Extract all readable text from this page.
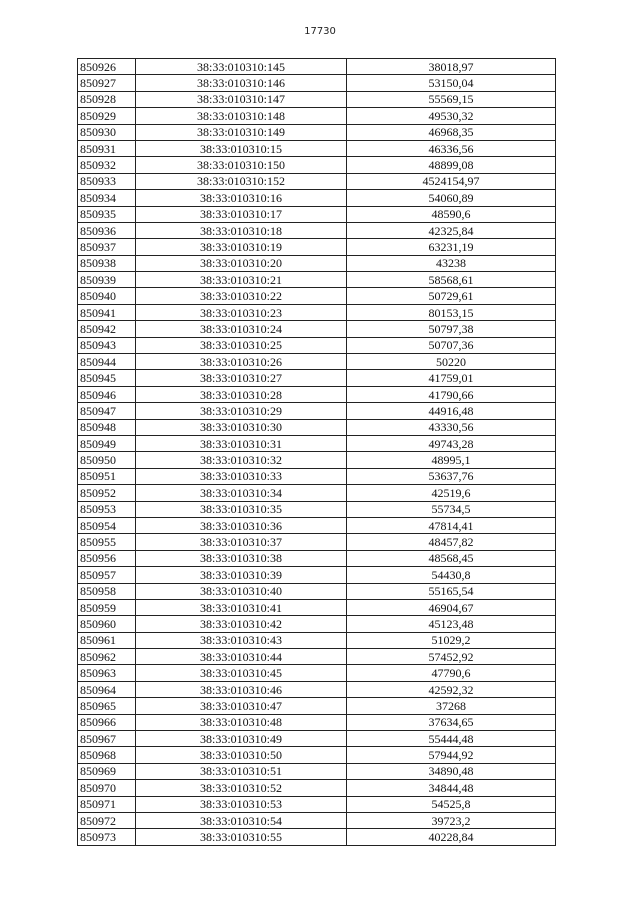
17730
850926	38:33:010310:145	38018,97
850927	38:33:010310:146	53150,04
850928	38:33:010310:147	55569,15
850929	38:33:010310:148	49530,32
850930	38:33:010310:149	46968,35
850931	38:33:010310:15	46336,56
850932	38:33:010310:150	48899,08
850933	38:33:010310:152	4524154,97
850934	38:33:010310:16	54060,89
850935	38:33:010310:17	48590,6
850936	38:33:010310:18	42325,84
850937	38:33:010310:19	63231,19
850938	38:33:010310:20	43238
850939	38:33:010310:21	58568,61
850940	38:33:010310:22	50729,61
850941	38:33:010310:23	80153,15
850942	38:33:010310:24	50797,38
850943	38:33:010310:25	50707,36
850944	38:33:010310:26	50220
850945	38:33:010310:27	41759,01
850946	38:33:010310:28	41790,66
850947	38:33:010310:29	44916,48
850948	38:33:010310:30	43330,56
850949	38:33:010310:31	49743,28
850950	38:33:010310:32	48995,1
850951	38:33:010310:33	53637,76
850952	38:33:010310:34	42519,6
850953	38:33:010310:35	55734,5
850954	38:33:010310:36	47814,41
850955	38:33:010310:37	48457,82
850956	38:33:010310:38	48568,45
850957	38:33:010310:39	54430,8
850958	38:33:010310:40	55165,54
850959	38:33:010310:41	46904,67
850960	38:33:010310:42	45123,48
850961	38:33:010310:43	51029,2
850962	38:33:010310:44	57452,92
850963	38:33:010310:45	47790,6
850964	38:33:010310:46	42592,32
850965	38:33:010310:47	37268
850966	38:33:010310:48	37634,65
850967	38:33:010310:49	55444,48
850968	38:33:010310:50	57944,92
850969	38:33:010310:51	34890,48
850970	38:33:010310:52	34844,48
850971	38:33:010310:53	54525,8
850972	38:33:010310:54	39723,2
850973	38:33:010310:55	40228,84
